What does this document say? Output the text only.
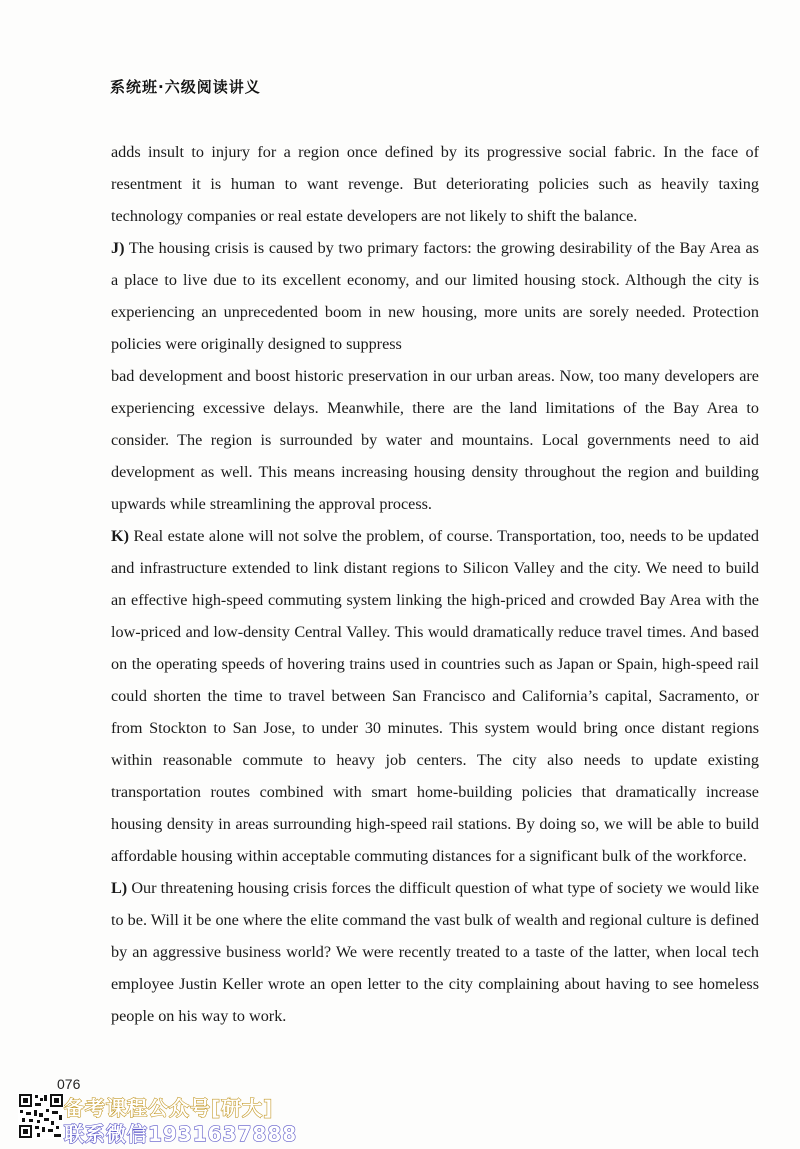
系统班·六级阅读讲义

adds insult to injury for a region once defined by its progressive social fabric. In the face of resentment it is human to want revenge. But deteriorating policies such as heavily taxing technology companies or real estate developers are not likely to shift the balance.

J) The housing crisis is caused by two primary factors: the growing desirability of the Bay Area as a place to live due to its excellent economy, and our limited housing stock. Although the city is experiencing an unprecedented boom in new housing, more units are sorely needed. Protection policies were originally designed to suppress

bad development and boost historic preservation in our urban areas. Now, too many developers are experiencing excessive delays. Meanwhile, there are the land limitations of the Bay Area to consider. The region is surrounded by water and mountains. Local governments need to aid development as well. This means increasing housing density throughout the region and building upwards while streamlining the approval process.

K) Real estate alone will not solve the problem, of course. Transportation, too, needs to be updated and infrastructure extended to link distant regions to Silicon Valley and the city. We need to build an effective high-speed commuting system linking the high-priced and crowded Bay Area with the low-priced and low-density Central Valley. This would dramatically reduce travel times. And based on the operating speeds of hovering trains used in countries such as Japan or Spain, high-speed rail could shorten the time to travel between San Francisco and California’s capital, Sacramento, or from Stockton to San Jose, to under 30 minutes. This system would bring once distant regions within reasonable commute to heavy job centers. The city also needs to update existing transportation routes combined with smart home-building policies that dramatically increase housing density in areas surrounding high-speed rail stations. By doing so, we will be able to build affordable housing within acceptable commuting distances for a significant bulk of the workforce.

L) Our threatening housing crisis forces the difficult question of what type of society we would like to be. Will it be one where the elite command the vast bulk of wealth and regional culture is defined by an aggressive business world? We were recently treated to a taste of the latter, when local tech employee Justin Keller wrote an open letter to the city complaining about having to see homeless people on his way to work.

076
备考课程公众号[研大]
联系微信1931637888
